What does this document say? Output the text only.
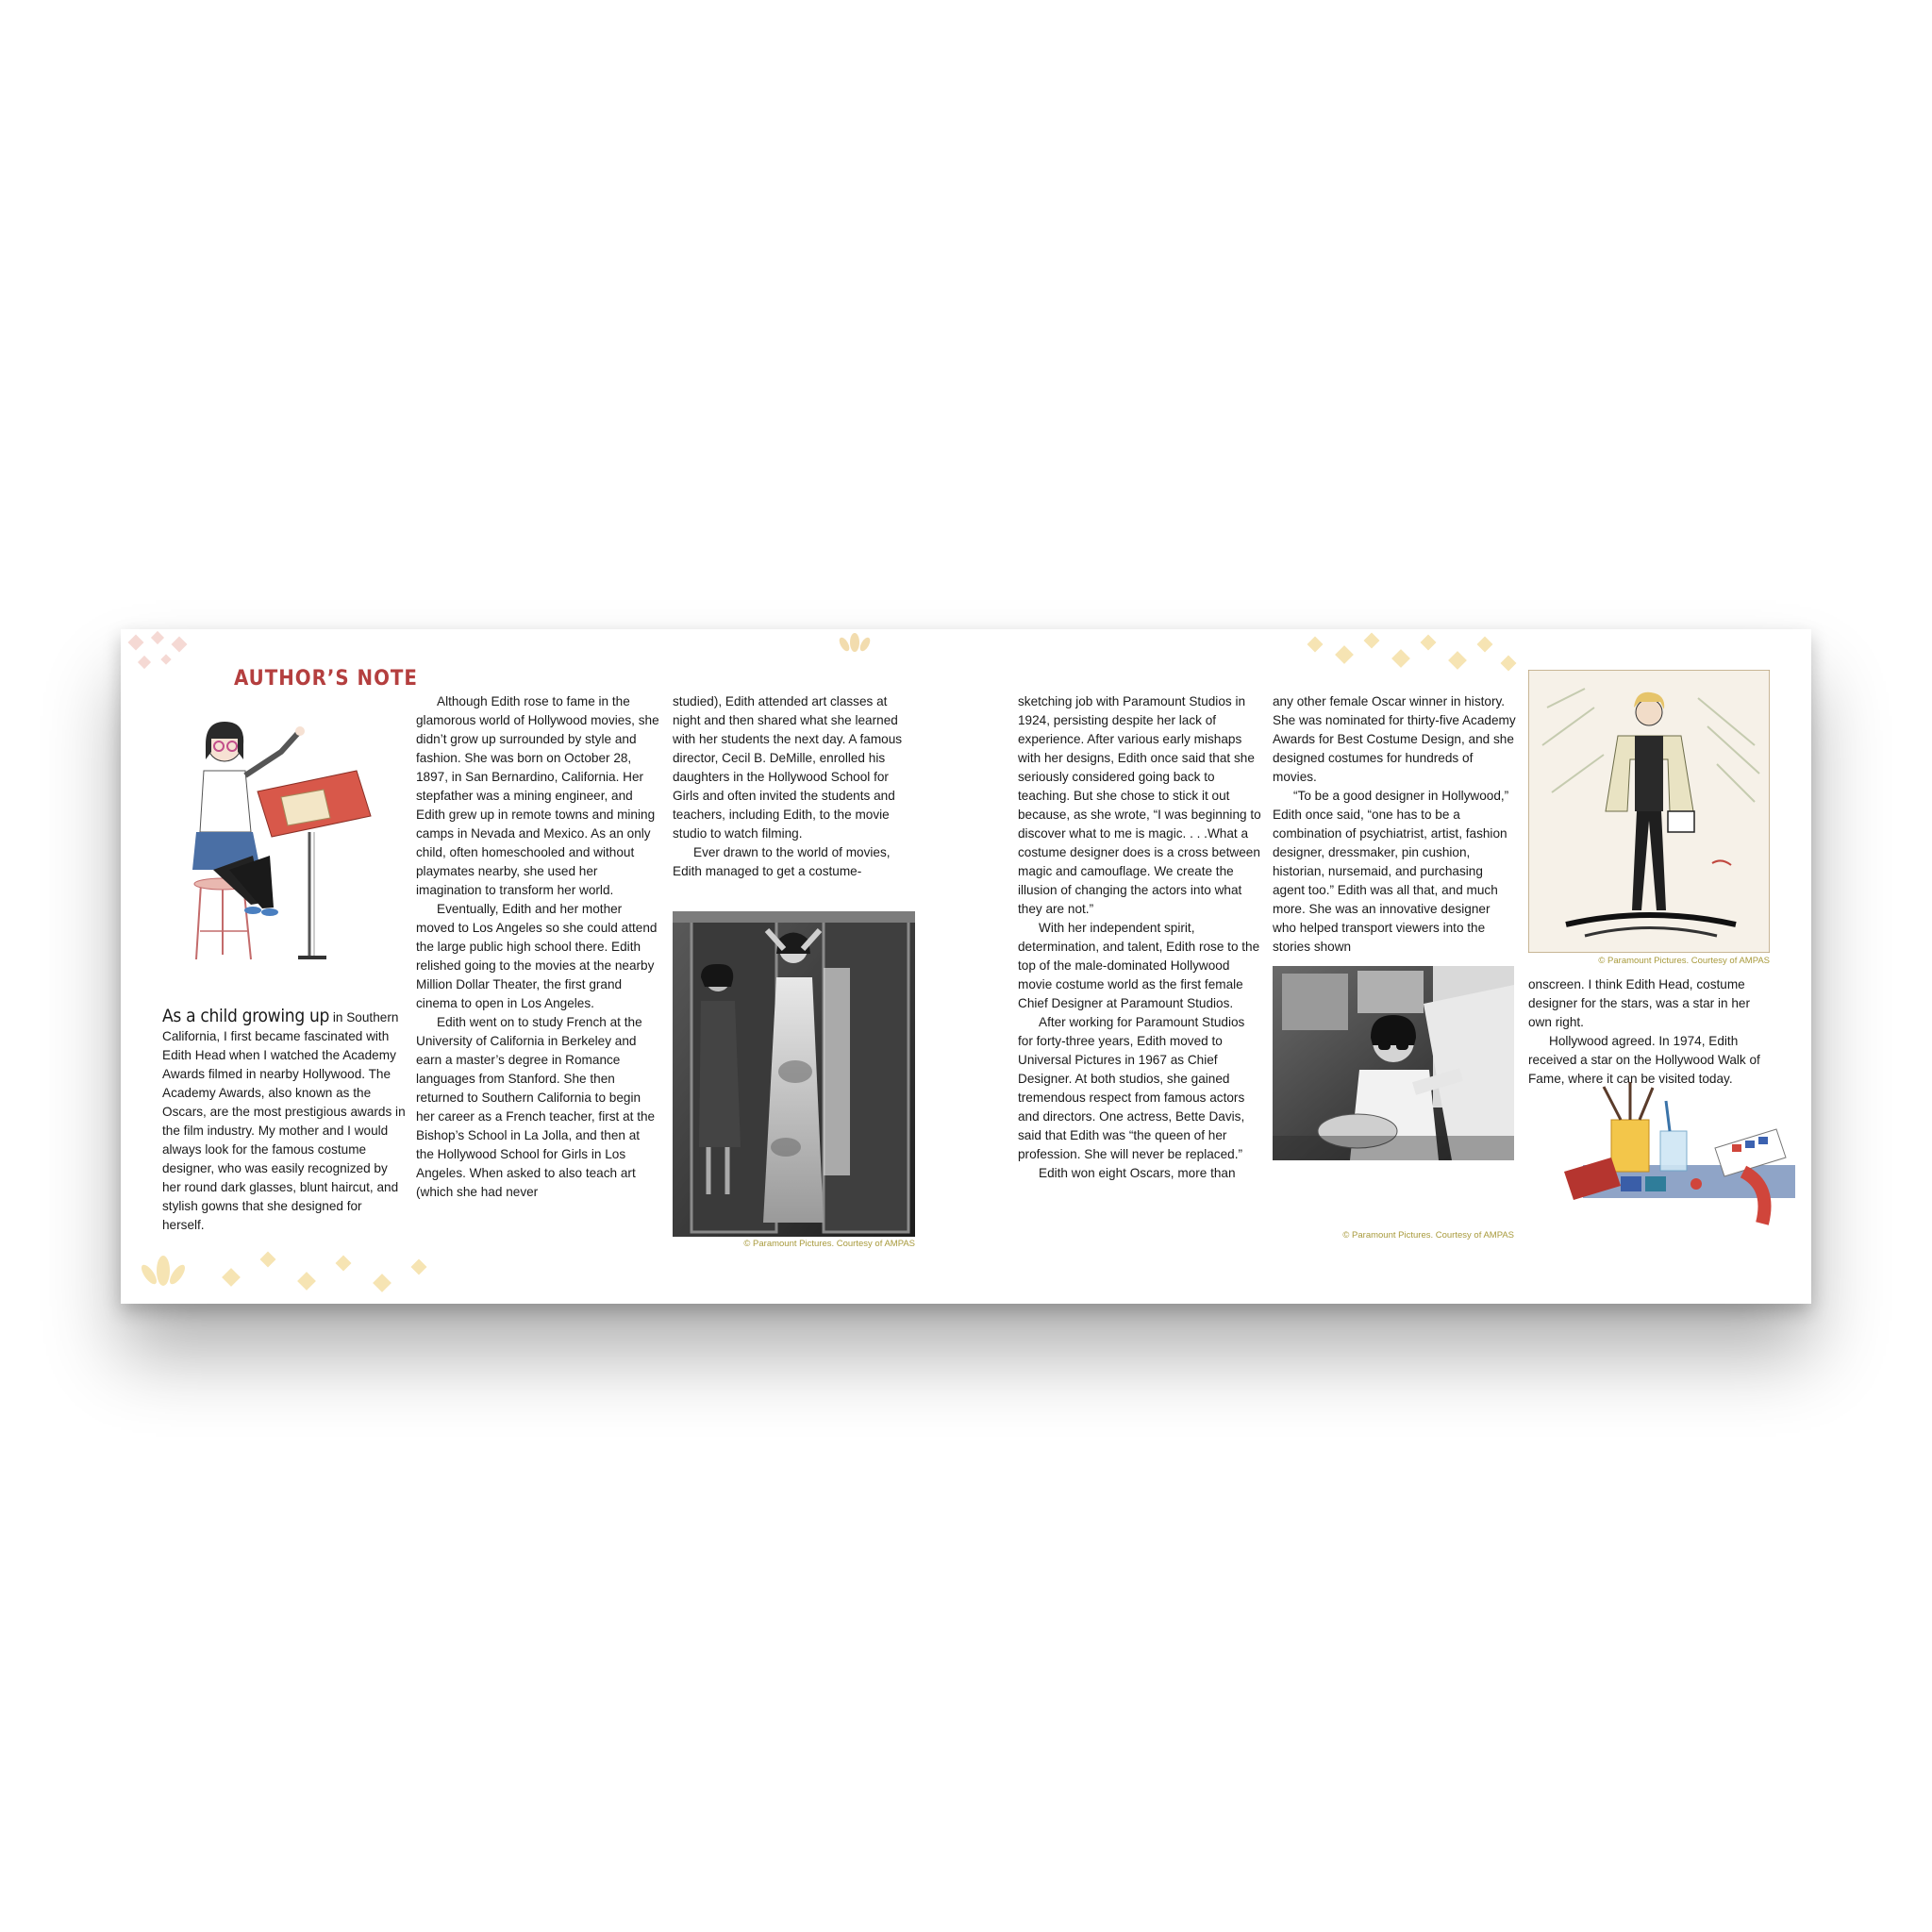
AUTHOR’S NOTE

As a child growing up in Southern California, I first became fascinated with Edith Head when I watched the Academy Awards filmed in nearby Hollywood. The Academy Awards, also known as the Oscars, are the most prestigious awards in the film industry. My mother and I would always look for the famous costume designer, who was easily recognized by her round dark glasses, blunt haircut, and stylish gowns that she designed for herself.

Although Edith rose to fame in the glamorous world of Hollywood movies, she didn’t grow up surrounded by style and fashion. She was born on October 28, 1897, in San Bernardino, California. Her stepfather was a mining engineer, and Edith grew up in remote towns and mining camps in Nevada and Mexico. As an only child, often homeschooled and without playmates nearby, she used her imagination to transform her world.

Eventually, Edith and her mother moved to Los Angeles so she could attend the large public high school there. Edith relished going to the movies at the nearby Million Dollar Theater, the first grand cinema to open in Los Angeles.

Edith went on to study French at the University of California in Berkeley and earn a master’s degree in Romance languages from Stanford. She then returned to Southern California to begin her career as a French teacher, first at the Bishop’s School in La Jolla, and then at the Hollywood School for Girls in Los Angeles. When asked to also teach art (which she had never

studied), Edith attended art classes at night and then shared what she learned with her students the next day. A famous director, Cecil B. DeMille, enrolled his daughters in the Hollywood School for Girls and often invited the students and teachers, including Edith, to the movie studio to watch filming.

Ever drawn to the world of movies, Edith managed to get a costume-

© Paramount Pictures. Courtesy of AMPAS

sketching job with Paramount Studios in 1924, persisting despite her lack of experience. After various early mishaps with her designs, Edith once said that she seriously considered going back to teaching. But she chose to stick it out because, as she wrote, “I was beginning to discover what to me is magic. . . .What a costume designer does is a cross between magic and camouflage. We create the illusion of changing the actors into what they are not.”

With her independent spirit, determination, and talent, Edith rose to the top of the male-dominated Hollywood movie costume world as the first female Chief Designer at Paramount Studios.

After working for Paramount Studios for forty-three years, Edith moved to Universal Pictures in 1967 as Chief Designer. At both studios, she gained tremendous respect from famous actors and directors. One actress, Bette Davis, said that Edith was “the queen of her profession. She will never be replaced.”

Edith won eight Oscars, more than

any other female Oscar winner in history. She was nominated for thirty-five Academy Awards for Best Costume Design, and she designed costumes for hundreds of movies.

“To be a good designer in Hollywood,” Edith once said, “one has to be a combination of psychiatrist, artist, fashion designer, dressmaker, pin cushion, historian, nursemaid, and purchasing agent too.” Edith was all that, and much more. She was an innovative designer who helped transport viewers into the stories shown

© Paramount Pictures. Courtesy of AMPAS
© Paramount Pictures. Courtesy of AMPAS

onscreen. I think Edith Head, costume designer for the stars, was a star in her own right.

Hollywood agreed. In 1974, Edith received a star on the Hollywood Walk of Fame, where it can be visited today.
